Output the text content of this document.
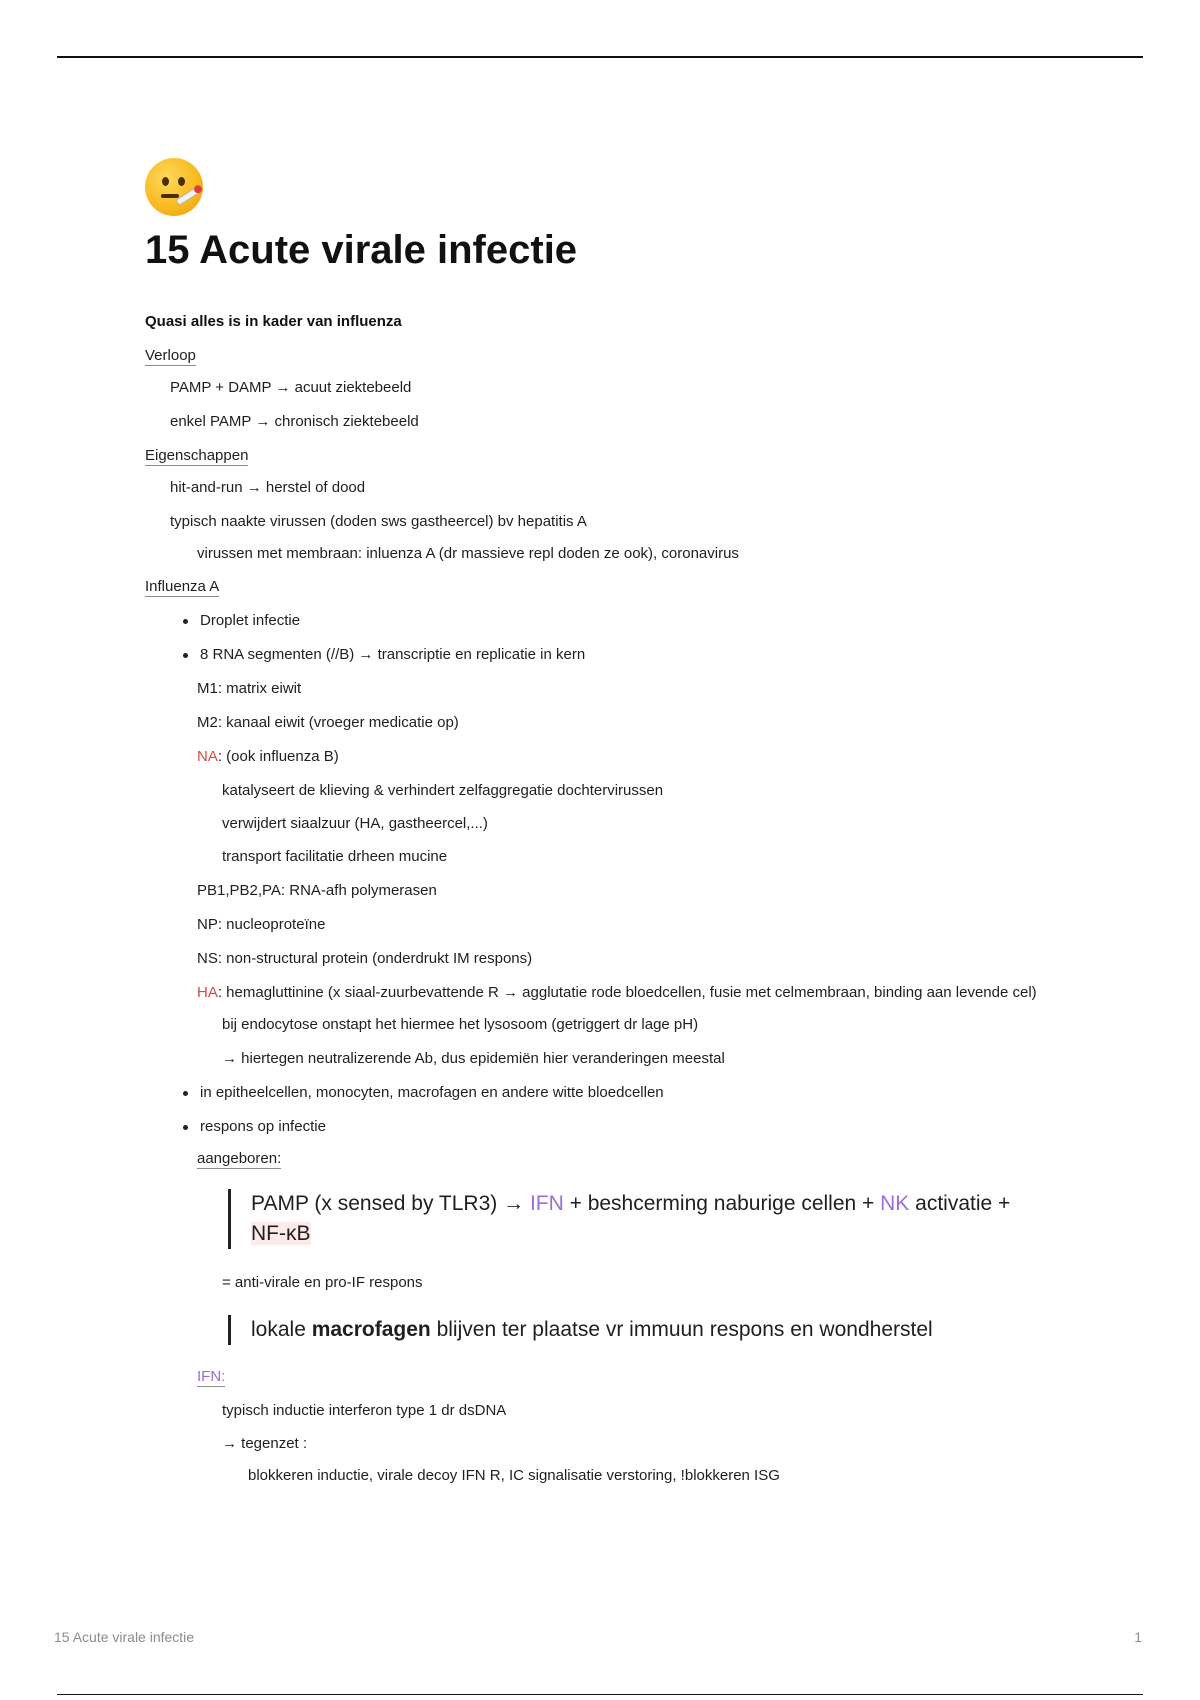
15 Acute virale infectie

Quasi alles is in kader van influenza

Verloop

PAMP + DAMP → acuut ziektebeeld

enkel PAMP → chronisch ziektebeeld

Eigenschappen

hit-and-run → herstel of dood

typisch naakte virussen (doden sws gastheercel) bv hepatitis A

virussen met membraan: inluenza A (dr massieve repl doden ze ook), coronavirus

Influenza A

Droplet infectie

8 RNA segmenten (//B) → transcriptie en replicatie in kern

M1: matrix eiwit

M2: kanaal eiwit (vroeger medicatie op)

NA: (ook influenza B)

katalyseert de klieving & verhindert zelfaggregatie dochtervirussen

verwijdert siaalzuur (HA, gastheercel,...)

transport facilitatie drheen mucine

PB1,PB2,PA: RNA-afh polymerasen

NP: nucleoproteïne

NS: non-structural protein (onderdrukt IM respons)

HA: hemagluttinine (x siaal-zuurbevattende R → agglutatie rode bloedcellen, fusie met celmembraan, binding aan levende cel)

bij endocytose onstapt het hiermee het lysosoom (getriggert dr lage pH)

→ hiertegen neutralizerende Ab, dus epidemiën hier veranderingen meestal

in epitheelcellen, monocyten, macrofagen en andere witte bloedcellen

respons op infectie

aangeboren:

PAMP (x sensed by TLR3) → IFN + beshcerming naburige cellen + NK activatie + NF-κB

= anti-virale en pro-IF respons

lokale macrofagen blijven ter plaatse vr immuun respons en wondherstel

IFN:

typisch inductie interferon type 1 dr dsDNA

→ tegenzet :

blokkeren inductie, virale decoy IFN R, IC signalisatie verstoring, !blokkeren ISG

15 Acute virale infectie	1
